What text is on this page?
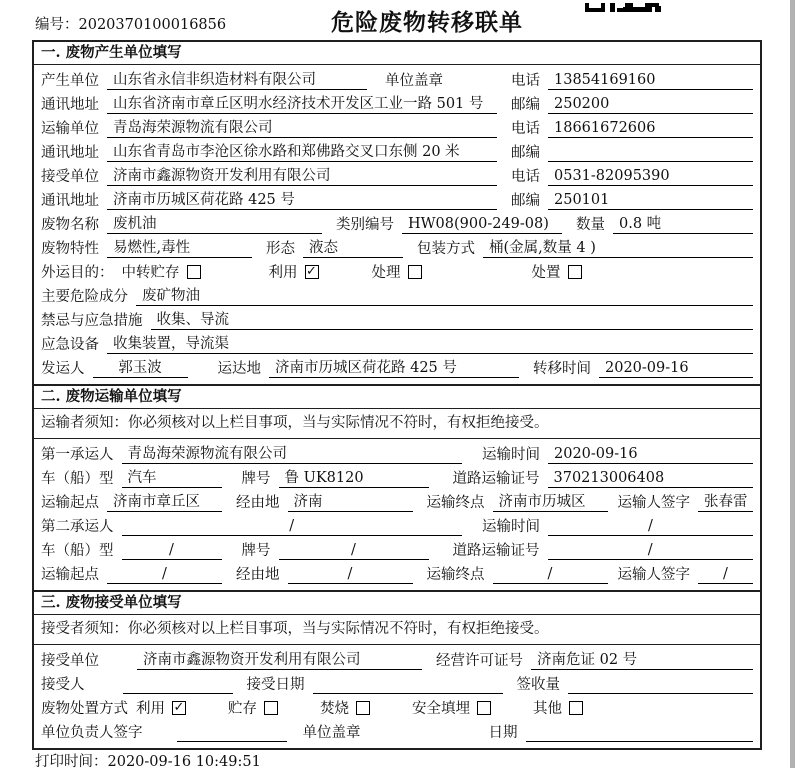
编号：2020370100016856	危险废物转移联单
一. 废物产生单位填写
产生单位 山东省永信非织造材料有限公司	单位盖章	电话 13854169160
通讯地址 山东省济南市章丘区明水经济技术开发区工业一路 501 号	邮编 250200
运输单位 青岛海荣源物流有限公司	电话 18661672606
通讯地址 山东省青岛市李沧区徐水路和郑佛路交叉口东侧 20 米	邮编
接受单位 济南市鑫源物资开发利用有限公司	电话 0531-82095390
通讯地址 济南市历城区荷花路 425 号	邮编 250101
废物名称 废机油	类别编号 HW08(900-249-08)	数量 0.8 吨
废物特性 易燃性,毒性	形态 液态	包装方式 桶(金属,数量 4 )
外运目的： 中转贮存	利用 ✓	处理	处置
主要危险成分 废矿物油
禁忌与应急措施 收集、导流
应急设备 收集装置，导流渠
发运人	郭玉波	运达地 济南市历城区荷花路 425 号	转移时间 2020-09-16
二. 废物运输单位填写
运输者须知：你必须核对以上栏目事项，当与实际情况不符时，有权拒绝接受。
第一承运人 青岛海荣源物流有限公司	运输时间 2020-09-16
车（船）型 汽车	牌号 鲁 UK8120	道路运输证号 370213006408
运输起点 济南市章丘区	经由地 济南	运输终点 济南市历城区	运输人签字 张春雷
第二承运人	/	运输时间	/
车（船）型	/	牌号	/	道路运输证号	/
运输起点	/	经由地	/	运输终点	/	运输人签字	/
三. 废物接受单位填写
接受者须知：你必须核对以上栏目事项，当与实际情况不符时，有权拒绝接受。
接受单位	济南市鑫源物资开发利用有限公司	经营许可证号 济南危证 02 号
接受人	接受日期	签收量
废物处置方式 利用 ✓	贮存	焚烧	安全填埋	其他
单位负责人签字	单位盖章	日期
打印时间：2020-09-16 10:49:51
